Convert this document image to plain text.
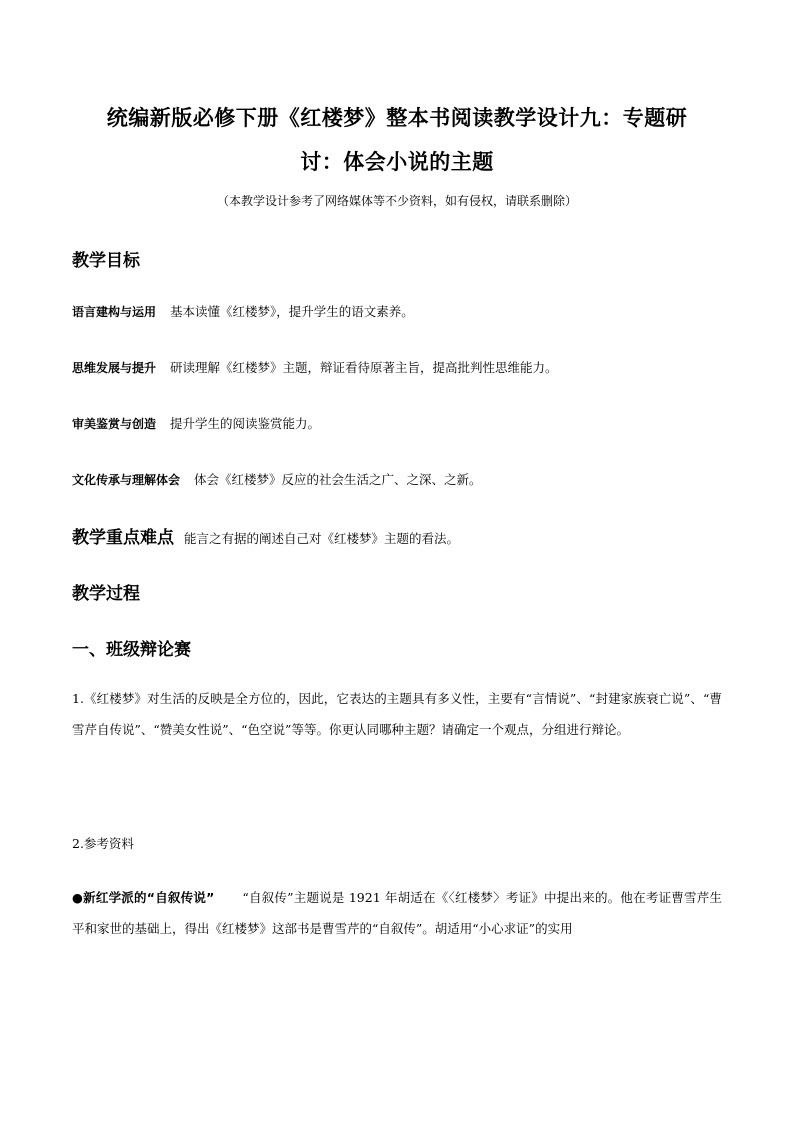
统编新版必修下册《红楼梦》整本书阅读教学设计九：专题研
讨：体会小说的主题
（本教学设计参考了网络媒体等不少资料，如有侵权，请联系删除）
教学目标

语言建构与运用 基本读懂《红楼梦》，提升学生的语文素养。

思维发展与提升 研读理解《红楼梦》主题，辩证看待原著主旨，提高批判性思维能力。

审美鉴赏与创造 提升学生的阅读鉴赏能力。

文化传承与理解体会 体会《红楼梦》反应的社会生活之广、之深、之新。

教学重点难点 能言之有据的阐述自己对《红楼梦》主题的看法。
教学过程
一、班级辩论赛

1.《红楼梦》对生活的反映是全方位的，因此，它表达的主题具有多义性，主要有“言情说”、“封建家族衰亡说”、“曹雪芹自传说”、“赞美女性说”、“色空说”等等。你更认同哪种主题？请确定一个观点，分组进行辩论。

2.参考资料

●新红学派的“自叙传说” “自叙传”主题说是 1921 年胡适在《〈红楼梦〉考证》中提出来的。他在考证曹雪芹生平和家世的基础上，得出《红楼梦》这部书是曹雪芹的“自叙传”。胡适用“小心求证”的实用
